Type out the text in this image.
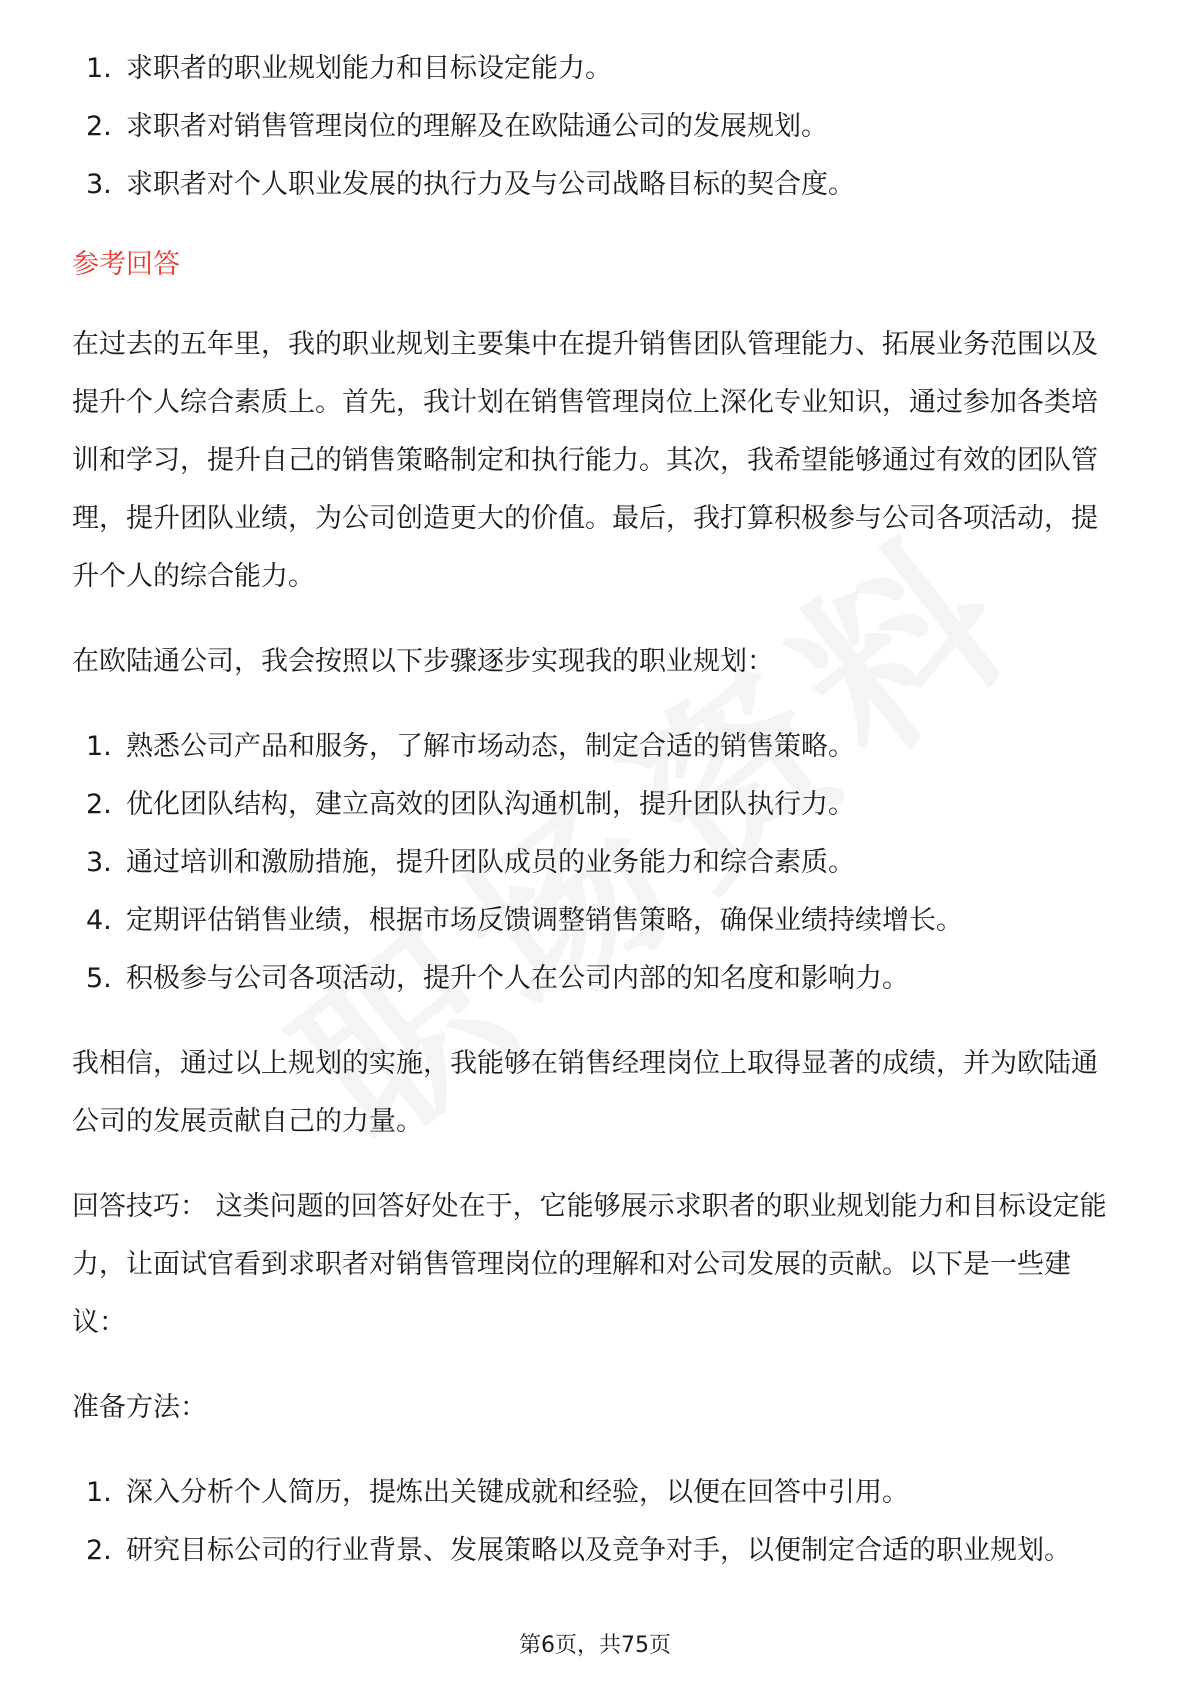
1. 求职者的职业规划能力和目标设定能力。
2. 求职者对销售管理岗位的理解及在欧陆通公司的发展规划。
3. 求职者对个人职业发展的执行力及与公司战略目标的契合度。

参考回答

在过去的五年里，我的职业规划主要集中在提升销售团队管理能力、拓展业务范围以及提升个人综合素质上。首先，我计划在销售管理岗位上深化专业知识，通过参加各类培训和学习，提升自己的销售策略制定和执行能力。其次，我希望能够通过有效的团队管理，提升团队业绩，为公司创造更大的价值。最后，我打算积极参与公司各项活动，提升个人的综合能力。

在欧陆通公司，我会按照以下步骤逐步实现我的职业规划：

1. 熟悉公司产品和服务，了解市场动态，制定合适的销售策略。
2. 优化团队结构，建立高效的团队沟通机制，提升团队执行力。
3. 通过培训和激励措施，提升团队成员的业务能力和综合素质。
4. 定期评估销售业绩，根据市场反馈调整销售策略，确保业绩持续增长。
5. 积极参与公司各项活动，提升个人在公司内部的知名度和影响力。

我相信，通过以上规划的实施，我能够在销售经理岗位上取得显著的成绩，并为欧陆通公司的发展贡献自己的力量。

回答技巧： 这类问题的回答好处在于，它能够展示求职者的职业规划能力和目标设定能力，让面试官看到求职者对销售管理岗位的理解和对公司发展的贡献。以下是一些建议：

准备方法：

1. 深入分析个人简历，提炼出关键成就和经验，以便在回答中引用。
2. 研究目标公司的行业背景、发展策略以及竞争对手，以便制定合适的职业规划。
第6页，共75页
